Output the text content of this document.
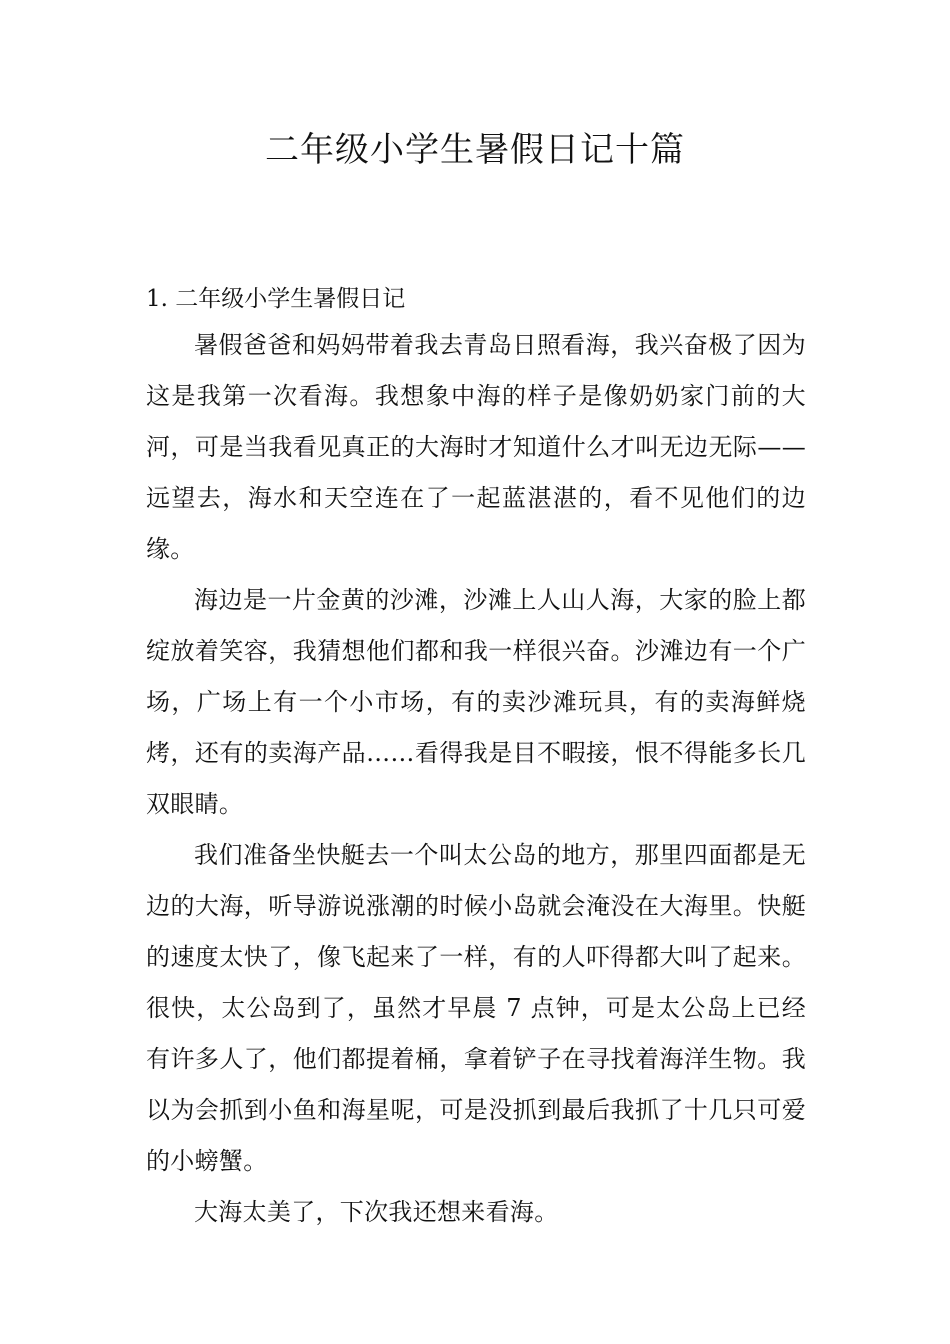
二年级小学生暑假日记十篇
1. 二年级小学生暑假日记

暑假爸爸和妈妈带着我去青岛日照看海，我兴奋极了因为这是我第一次看海。我想象中海的样子是像奶奶家门前的大河，可是当我看见真正的大海时才知道什么才叫无边无际——远望去，海水和天空连在了一起蓝湛湛的，看不见他们的边缘。

海边是一片金黄的沙滩，沙滩上人山人海，大家的脸上都绽放着笑容，我猜想他们都和我一样很兴奋。沙滩边有一个广场，广场上有一个小市场，有的卖沙滩玩具，有的卖海鲜烧烤，还有的卖海产品……看得我是目不暇接，恨不得能多长几双眼睛。

我们准备坐快艇去一个叫太公岛的地方，那里四面都是无边的大海，听导游说涨潮的时候小岛就会淹没在大海里。快艇的速度太快了，像飞起来了一样，有的人吓得都大叫了起来。很快，太公岛到了，虽然才早晨 7 点钟，可是太公岛上已经有许多人了，他们都提着桶，拿着铲子在寻找着海洋生物。我以为会抓到小鱼和海星呢，可是没抓到最后我抓了十几只可爱的小螃蟹。

大海太美了，下次我还想来看海。
